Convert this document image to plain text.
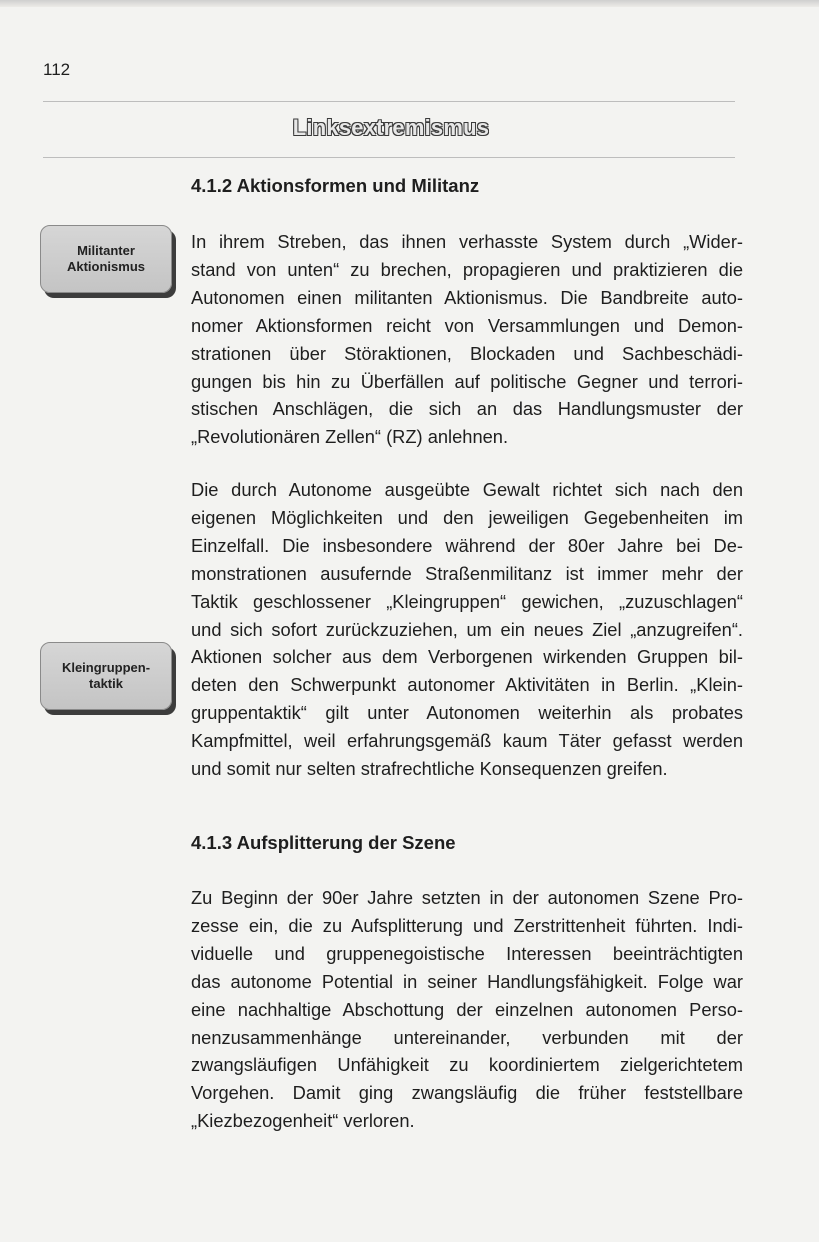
112
Linksextremismus
4.1.2 Aktionsformen und Militanz
Militanter Aktionismus

In ihrem Streben, das ihnen verhasste System durch „Wider-
stand von unten“ zu brechen, propagieren und praktizieren die
Autonomen einen militanten Aktionismus. Die Bandbreite auto-
nomer Aktionsformen reicht von Versammlungen und Demon-
strationen über Störaktionen, Blockaden und Sachbeschädi-
gungen bis hin zu Überfällen auf politische Gegner und terrori-
stischen Anschlägen, die sich an das Handlungsmuster der
„Revolutionären Zellen“ (RZ) anlehnen.

Kleingruppen-taktik

Die durch Autonome ausgeübte Gewalt richtet sich nach den
eigenen Möglichkeiten und den jeweiligen Gegebenheiten im
Einzelfall. Die insbesondere während der 80er Jahre bei De-
monstrationen ausufernde Straßenmilitanz ist immer mehr der
Taktik geschlossener „Kleingruppen“ gewichen, „zuzuschlagen“
und sich sofort zurückzuziehen, um ein neues Ziel „anzugreifen“.
Aktionen solcher aus dem Verborgenen wirkenden Gruppen bil-
deten den Schwerpunkt autonomer Aktivitäten in Berlin. „Klein-
gruppentaktik“ gilt unter Autonomen weiterhin als probates
Kampfmittel, weil erfahrungsgemäß kaum Täter gefasst werden
und somit nur selten strafrechtliche Konsequenzen greifen.

4.1.3 Aufsplitterung der Szene

Zu Beginn der 90er Jahre setzten in der autonomen Szene Pro-
zesse ein, die zu Aufsplitterung und Zerstrittenheit führten. Indi-
viduelle und gruppenegoistische Interessen beeinträchtigten
das autonome Potential in seiner Handlungsfähigkeit. Folge war
eine nachhaltige Abschottung der einzelnen autonomen Perso-
nenzusammenhänge untereinander, verbunden mit der
zwangsläufigen Unfähigkeit zu koordiniertem zielgerichtetem
Vorgehen. Damit ging zwangsläufig die früher feststellbare
„Kiezbezogenheit“ verloren.
